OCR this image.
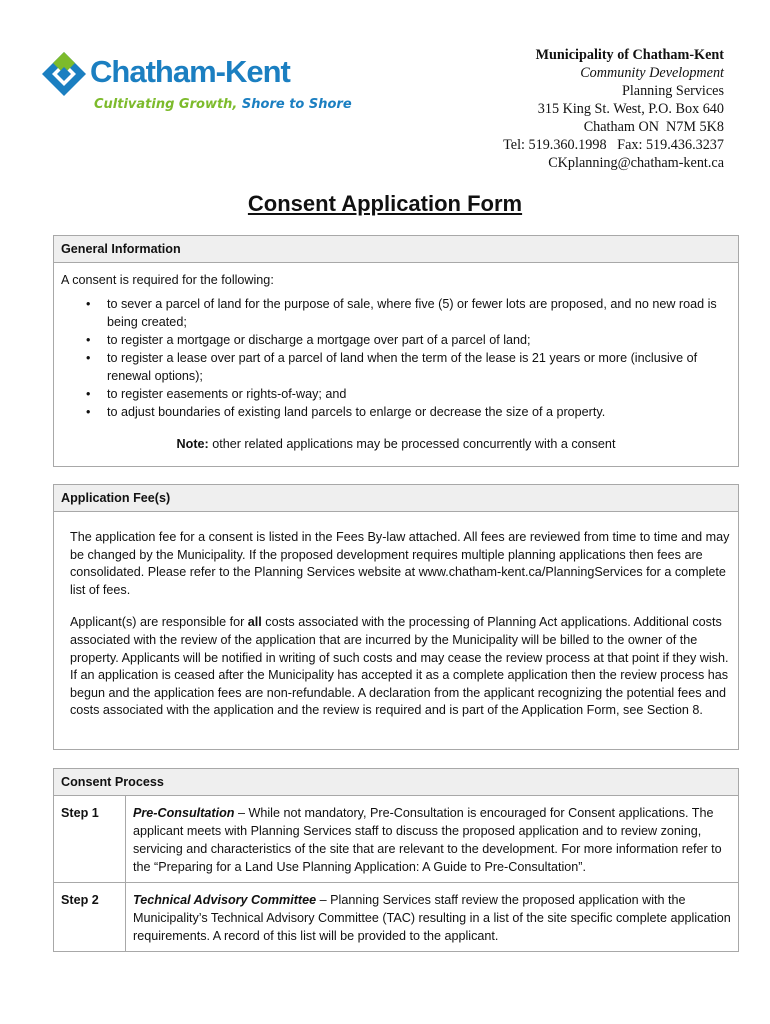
Chatham-Kent
Cultivating Growth, Shore to Shore
Municipality of Chatham-Kent
Community Development
Planning Services
315 King St. West, P.O. Box 640
Chatham ON  N7M 5K8
Tel: 519.360.1998   Fax: 519.436.3237
CKplanning@chatham-kent.ca
Consent Application Form
General Information
A consent is required for the following:
• to sever a parcel of land for the purpose of sale, where five (5) or fewer lots are proposed, and no new road is being created;
• to register a mortgage or discharge a mortgage over part of a parcel of land;
• to register a lease over part of a parcel of land when the term of the lease is 21 years or more (inclusive of renewal options);
• to register easements or rights-of-way; and
• to adjust boundaries of existing land parcels to enlarge or decrease the size of a property.
Note: other related applications may be processed concurrently with a consent
Application Fee(s)

The application fee for a consent is listed in the Fees By-law attached. All fees are reviewed from time to time and may be changed by the Municipality. If the proposed development requires multiple planning applications then fees are consolidated. Please refer to the Planning Services website at www.chatham-kent.ca/PlanningServices for a complete list of fees.

Applicant(s) are responsible for all costs associated with the processing of Planning Act applications. Additional costs associated with the review of the application that are incurred by the Municipality will be billed to the owner of the property. Applicants will be notified in writing of such costs and may cease the review process at that point if they wish. If an application is ceased after the Municipality has accepted it as a complete application then the review process has begun and the application fees are non-refundable. A declaration from the applicant recognizing the potential fees and costs associated with the application and the review is required and is part of the Application Form, see Section 8.

Consent Process
Step 1	Pre-Consultation – While not mandatory, Pre-Consultation is encouraged for Consent applications. The applicant meets with Planning Services staff to discuss the proposed application and to review zoning, servicing and characteristics of the site that are relevant to the development. For more information refer to the “Preparing for a Land Use Planning Application: A Guide to Pre-Consultation”.
Step 2	Technical Advisory Committee – Planning Services staff review the proposed application with the Municipality’s Technical Advisory Committee (TAC) resulting in a list of the site specific complete application requirements. A record of this list will be provided to the applicant.
